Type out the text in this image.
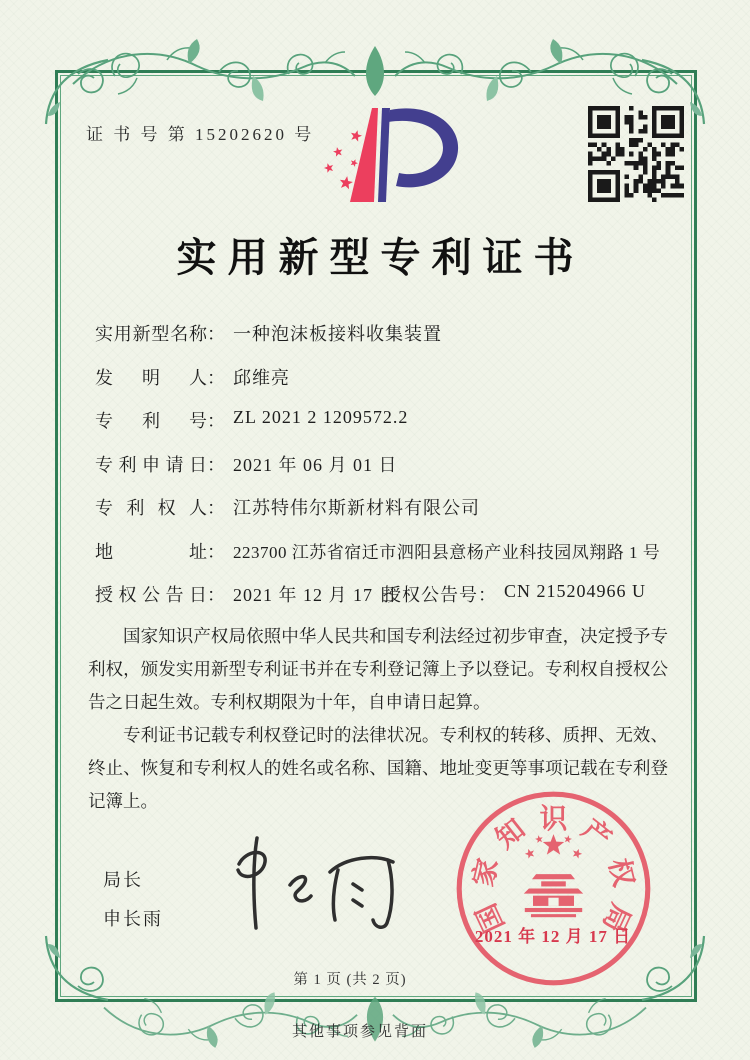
证 书 号 第 15202620 号
实用新型专利证书
实用新型名称 ： 一种泡沫板接料收集装置
发明人 ： 邱维亮
专利号 ： ZL 2021 2 1209572.2
专利申请日 ： 2021 年 06 月 01 日
专利权人 ： 江苏特伟尔斯新材料有限公司
地址 ： 223700 江苏省宿迁市泗阳县意杨产业科技园凤翔路 1 号
授权公告日 ： 2021 年 12 月 17 日
授权公告号 ： CN 215204966 U

国家知识产权局依照中华人民共和国专利法经过初步审查，决定授予专利权，颁发实用新型专利证书并在专利登记簿上予以登记。专利权自授权公告之日起生效。专利权期限为十年，自申请日起算。

专利证书记载专利权登记时的法律状况。专利权的转移、质押、无效、终止、恢复和专利权人的姓名或名称、国籍、地址变更等事项记载在专利登记簿上。

局长
申长雨	国
家
知 识 产
权
局
2021 年 12 月 17 日
第 1 页 (共 2 页)
其他事项参见背面
